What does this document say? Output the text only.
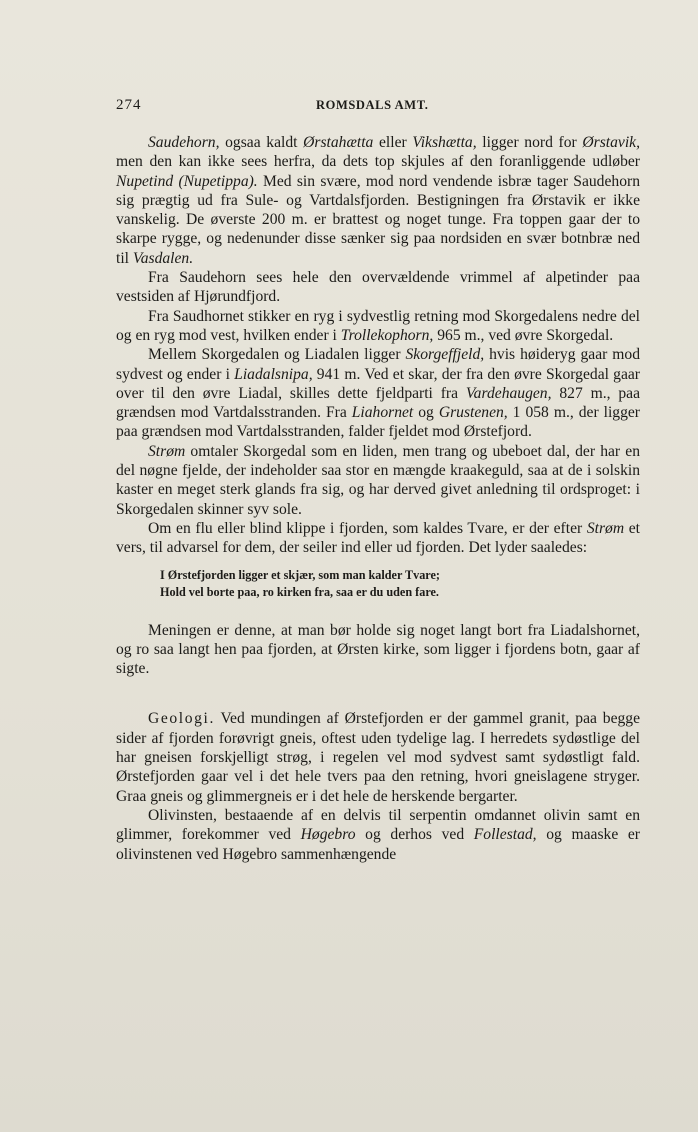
274	ROMSDALS AMT.

Saudehorn, ogsaa kaldt Ørstahætta eller Vikshætta, ligger nord for Ørstavik, men den kan ikke sees herfra, da dets top skjules af den foranliggende udløber Nupetind (Nupetippa). Med sin svære, mod nord vendende isbræ tager Saudehorn sig prægtig ud fra Sule- og Vartdalsfjorden. Bestigningen fra Ørstavik er ikke vanskelig. De øverste 200 m. er brattest og noget tunge. Fra toppen gaar der to skarpe rygge, og nedenunder disse sænker sig paa nordsiden en svær botnbræ ned til Vasdalen.

Fra Saudehorn sees hele den overvældende vrimmel af alpetinder paa vestsiden af Hjørundfjord.

Fra Saudhornet stikker en ryg i sydvestlig retning mod Skorgedalens nedre del og en ryg mod vest, hvilken ender i Trollekophorn, 965 m., ved øvre Skorgedal.

Mellem Skorgedalen og Liadalen ligger Skorgeffjeld, hvis høideryg gaar mod sydvest og ender i Liadalsnipa, 941 m. Ved et skar, der fra den øvre Skorgedal gaar over til den øvre Liadal, skilles dette fjeldparti fra Vardehaugen, 827 m., paa grændsen mod Vartdalsstranden. Fra Liahornet og Grustenen, 1 058 m., der ligger paa grændsen mod Vartdalsstranden, falder fjeldet mod Ørstefjord.

Strøm omtaler Skorgedal som en liden, men trang og ubeboet dal, der har en del nøgne fjelde, der indeholder saa stor en mængde kraakeguld, saa at de i solskin kaster en meget sterk glands fra sig, og har derved givet anledning til ordsproget: i Skorgedalen skinner syv sole.

Om en flu eller blind klippe i fjorden, som kaldes Tvare, er der efter Strøm et vers, til advarsel for dem, der seiler ind eller ud fjorden. Det lyder saaledes:

I Ørstefjorden ligger et skjær, som man kalder Tvare;
Hold vel borte paa, ro kirken fra, saa er du uden fare.

Meningen er denne, at man bør holde sig noget langt bort fra Liadalshornet, og ro saa langt hen paa fjorden, at Ørsten kirke, som ligger i fjordens botn, gaar af sigte.

Geologi. Ved mundingen af Ørstefjorden er der gammel granit, paa begge sider af fjorden forøvrigt gneis, oftest uden tydelige lag. I herredets sydøstlige del har gneisen forskjelligt strøg, i regelen vel mod sydvest samt sydøstligt fald. Ørstefjorden gaar vel i det hele tvers paa den retning, hvori gneislagene stryger. Graa gneis og glimmergneis er i det hele de herskende bergarter.

Olivinsten, bestaaende af en delvis til serpentin omdannet olivin samt en glimmer, forekommer ved Høgebro og derhos ved Follestad, og maaske er olivinstenen ved Høgebro sammenhængende
